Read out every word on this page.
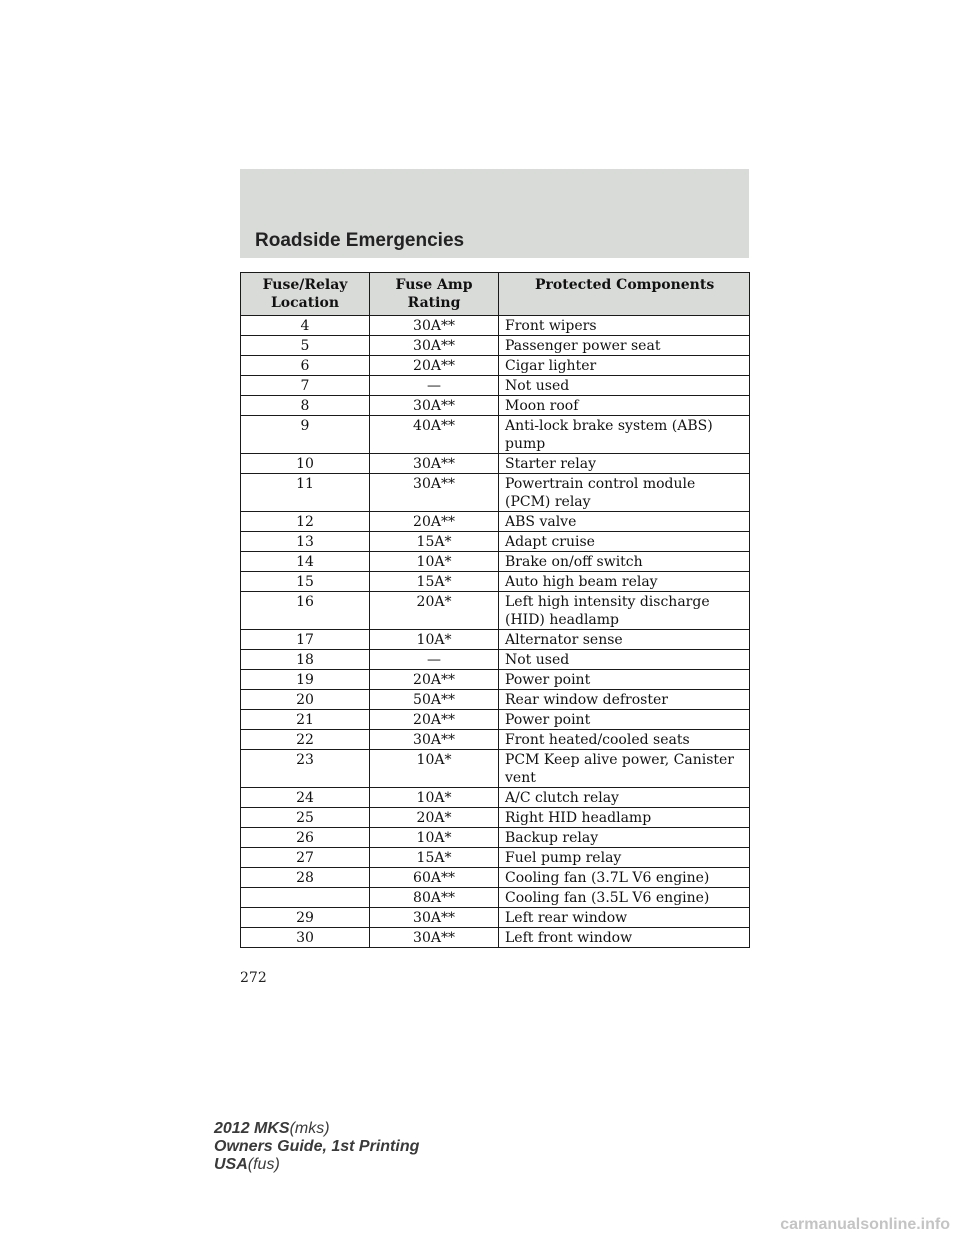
Roadside Emergencies
Fuse/Relay Location	Fuse Amp Rating	Protected Components
4	30A**	Front wipers
5	30A**	Passenger power seat
6	20A**	Cigar lighter
7	—	Not used
8	30A**	Moon roof
9	40A**	Anti-lock brake system (ABS) pump
10	30A**	Starter relay
11	30A**	Powertrain control module (PCM) relay
12	20A**	ABS valve
13	15A*	Adapt cruise
14	10A*	Brake on/off switch
15	15A*	Auto high beam relay
16	20A*	Left high intensity discharge (HID) headlamp
17	10A*	Alternator sense
18	—	Not used
19	20A**	Power point
20	50A**	Rear window defroster
21	20A**	Power point
22	30A**	Front heated/cooled seats
23	10A*	PCM Keep alive power, Canister vent
24	10A*	A/C clutch relay
25	20A*	Right HID headlamp
26	10A*	Backup relay
27	15A*	Fuel pump relay
28	60A**	Cooling fan (3.7L V6 engine)
	80A**	Cooling fan (3.5L V6 engine)
29	30A**	Left rear window
30	30A**	Left front window
272
2012 MKS(mks)
Owners Guide, 1st Printing
USA(fus)
carmanualsonline.info
